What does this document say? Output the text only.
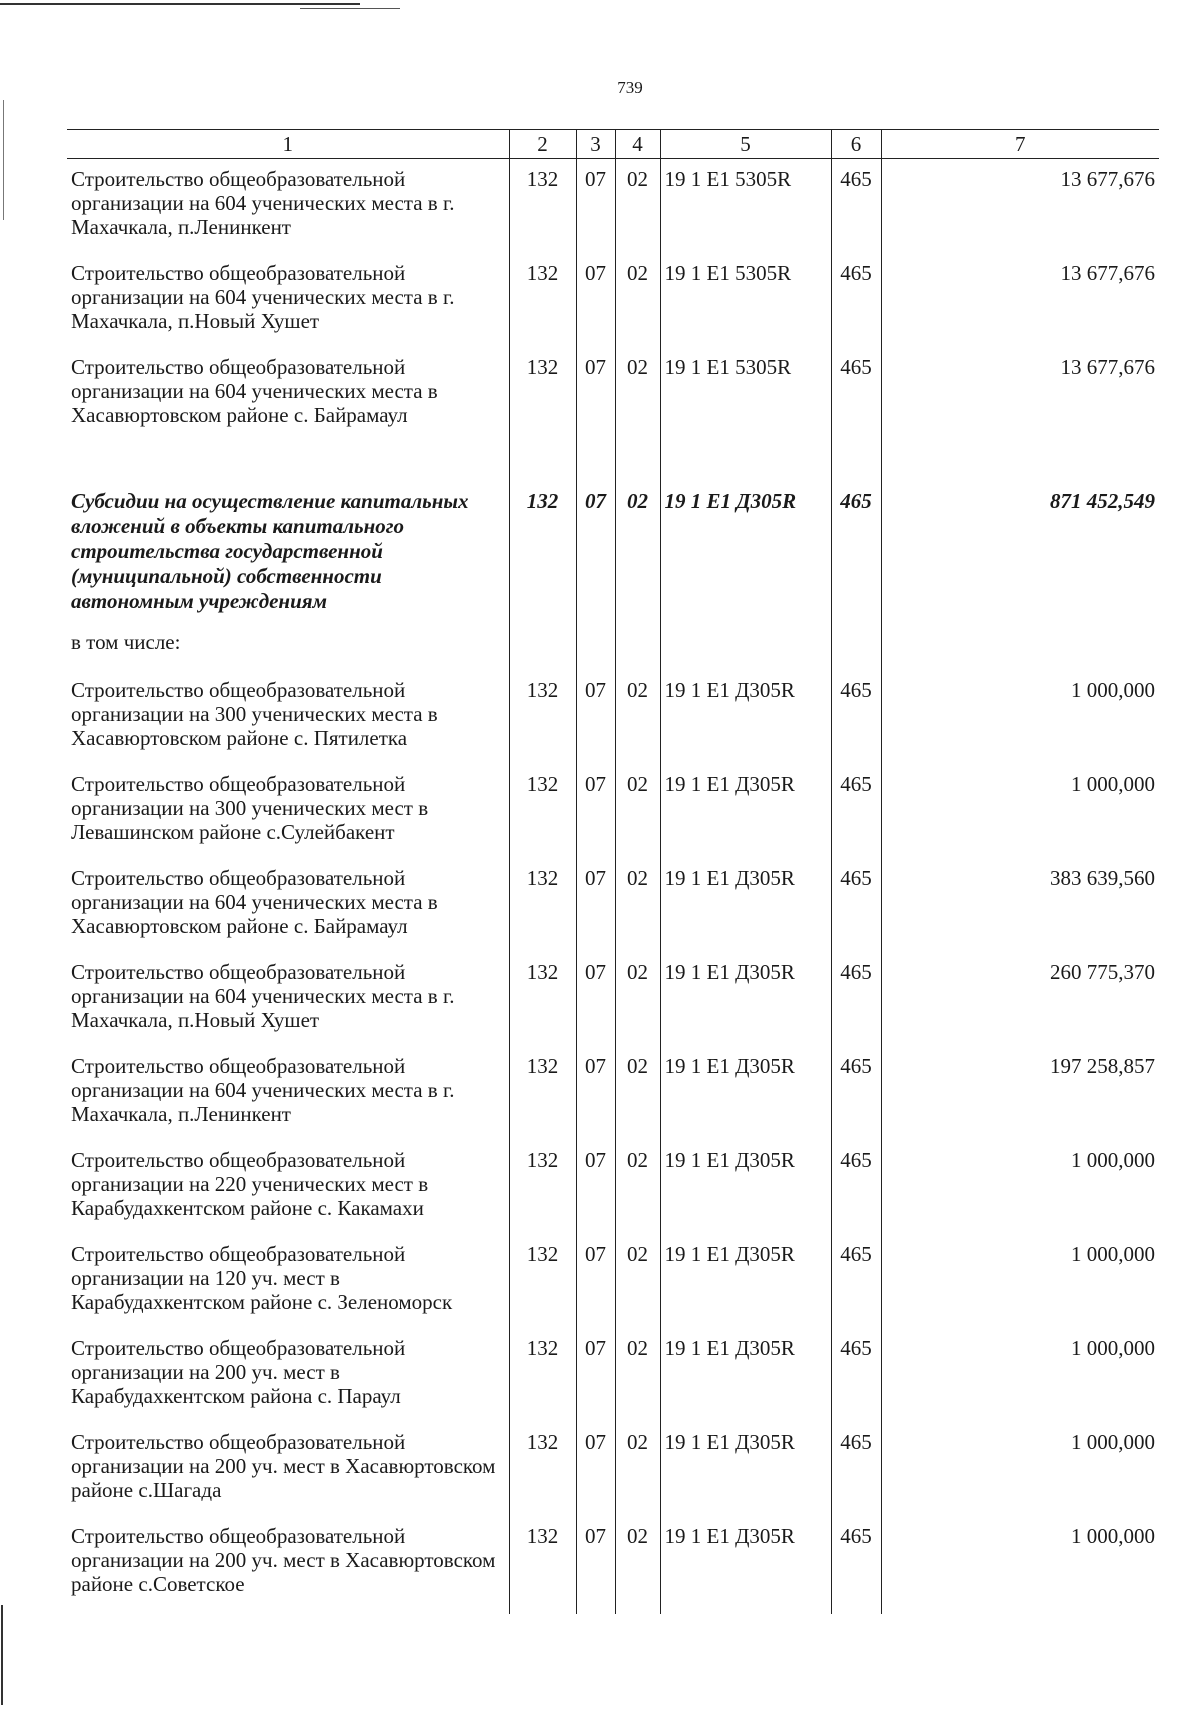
739
1	2	3	4	5	6	7
Строительство общеобразовательной организации на 604 ученических места в г. Махачкала, п.Ленинкент	132	07	02	19 1 Е1 5305R	465	13 677,676
Строительство общеобразовательной организации на 604 ученических места в г. Махачкала, п.Новый Хушет	132	07	02	19 1 Е1 5305R	465	13 677,676
Строительство общеобразовательной организации на 604 ученических места в Хасавюртовском районе с. Байрамаул	132	07	02	19 1 Е1 5305R	465	13 677,676
Субсидии на осуществление капитальных вложений в объекты капитального строительства государственной (муниципальной) собственности автономным учреждениям	132	07	02	19 1 Е1 Д305R	465	871 452,549
в том числе:						
Строительство общеобразовательной организации на 300 ученических места в Хасавюртовском районе с. Пятилетка	132	07	02	19 1 Е1 Д305R	465	1 000,000
Строительство общеобразовательной организации на 300 ученических мест в Левашинском районе с.Сулейбакент	132	07	02	19 1 Е1 Д305R	465	1 000,000
Строительство общеобразовательной организации на 604 ученических места в Хасавюртовском районе с. Байрамаул	132	07	02	19 1 Е1 Д305R	465	383 639,560
Строительство общеобразовательной организации на 604 ученических места в г. Махачкала, п.Новый Хушет	132	07	02	19 1 Е1 Д305R	465	260 775,370
Строительство общеобразовательной организации на 604 ученических места в г. Махачкала, п.Ленинкент	132	07	02	19 1 Е1 Д305R	465	197 258,857
Строительство общеобразовательной организации на 220 ученических мест в Карабудахкентском районе с. Какамахи	132	07	02	19 1 Е1 Д305R	465	1 000,000
Строительство общеобразовательной организации на 120 уч. мест в Карабудахкентском районе с. Зеленоморск	132	07	02	19 1 Е1 Д305R	465	1 000,000
Строительство общеобразовательной организации на 200 уч. мест в Карабудахкентском района с. Параул	132	07	02	19 1 Е1 Д305R	465	1 000,000
Строительство общеобразовательной организации на 200 уч. мест в Хасавюртовском районе с.Шагада	132	07	02	19 1 Е1 Д305R	465	1 000,000
Строительство общеобразовательной организации на 200 уч. мест в Хасавюртовском районе с.Советское	132	07	02	19 1 Е1 Д305R	465	1 000,000
